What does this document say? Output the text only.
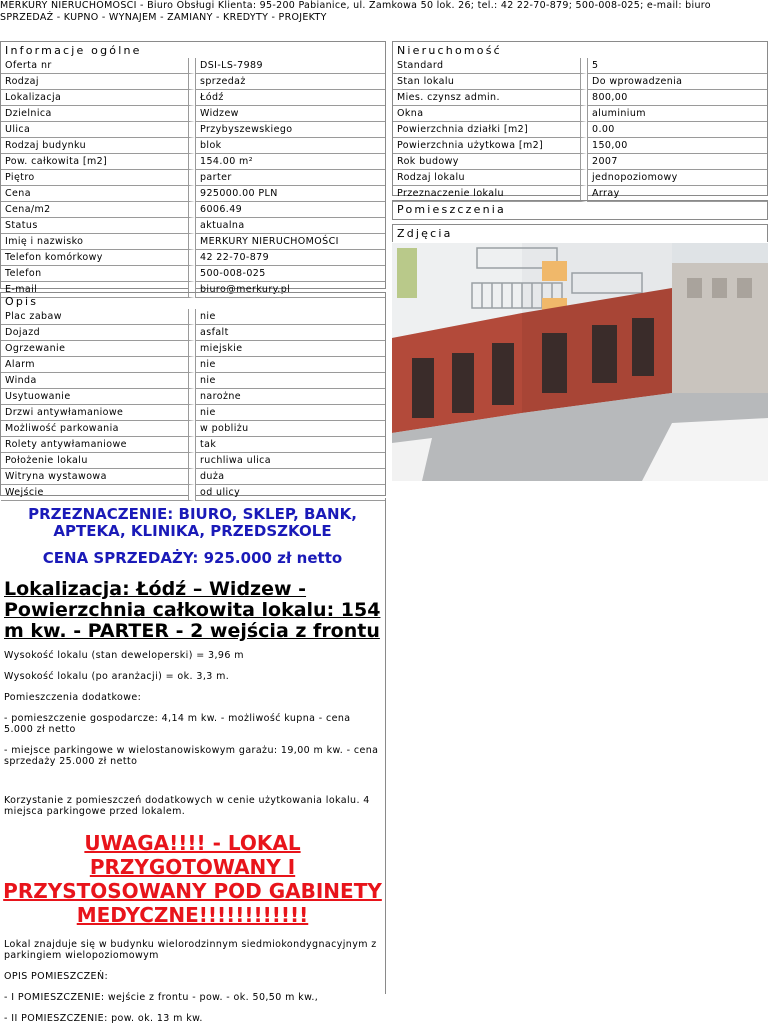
MERKURY NIERUCHOMOŚCI - Biuro Obsługi Klienta: 95-200 Pabianice, ul. Zamkowa 50 lok. 26; tel.: 42 22-70-879; 500-008-025; e-mail: biuro
SPRZEDAŻ - KUPNO - WYNAJEM - ZAMIANY - KREDYTY - PROJEKTY
Informacje ogólne
Oferta nr	DSI-LS-7989
Rodzaj	sprzedaż
Lokalizacja	Łódź
Dzielnica	Widzew
Ulica	Przybyszewskiego
Rodzaj budynku	blok
Pow. całkowita [m2]	154.00 m²
Piętro	parter
Cena	925000.00 PLN
Cena/m2	6006.49
Status	aktualna
Imię i nazwisko	MERKURY NIERUCHOMOŚCI
Telefon komórkowy	42 22-70-879
Telefon	500-008-025
E-mail	biuro@merkury.pl
Nieruchomość
Standard	5
Stan lokalu	Do wprowadzenia
Mies. czynsz admin.	800,00
Okna	aluminium
Powierzchnia działki [m2]	0.00
Powierzchnia użytkowa [m2]	150,00
Rok budowy	2007
Rodzaj lokalu	jednopoziomowy
Przeznaczenie lokalu	Array
Pomieszczenia
Zdjęcia
Opis
Plac zabaw	nie
Dojazd	asfalt
Ogrzewanie	miejskie
Alarm	nie
Winda	nie
Usytuowanie	narożne
Drzwi antywłamaniowe	nie
Możliwość parkowania	w pobliżu
Rolety antywłamaniowe	tak
Położenie lokalu	ruchliwa ulica
Witryna wystawowa	duża
Wejście	od ulicy
PRZEZNACZENIE: BIURO, SKLEP, BANK, APTEKA, KLINIKA, PRZEDSZKOLE
CENA SPRZEDAŻY: 925.000 zł netto
Lokalizacja: Łódź – Widzew - Powierzchnia całkowita lokalu: 154 m kw. - PARTER - 2 wejścia z frontu

Wysokość lokalu (stan deweloperski) = 3,96 m

Wysokość lokalu (po aranżacji) = ok. 3,3 m.

Pomieszczenia dodatkowe:

- pomieszczenie gospodarcze: 4,14 m kw. - możliwość kupna - cena 5.000 zł netto

- miejsce parkingowe w wielostanowiskowym garażu: 19,00 m kw. - cena sprzedaży 25.000 zł netto

Korzystanie z pomieszczeń dodatkowych w cenie użytkowania lokalu. 4 miejsca parkingowe przed lokalem.

UWAGA!!!! - LOKAL PRZYGOTOWANY I PRZYSTOSOWANY POD GABINETY MEDYCZNE!!!!!!!!!!!!

Lokal znajduje się w budynku wielorodzinnym siedmiokondygnacyjnym z parkingiem wielopoziomowym

OPIS POMIESZCZEŃ:

- I POMIESZCZENIE: wejście z frontu - pow. - ok. 50,50 m kw.,

- II POMIESZCZENIE: pow. ok. 13 m kw.
